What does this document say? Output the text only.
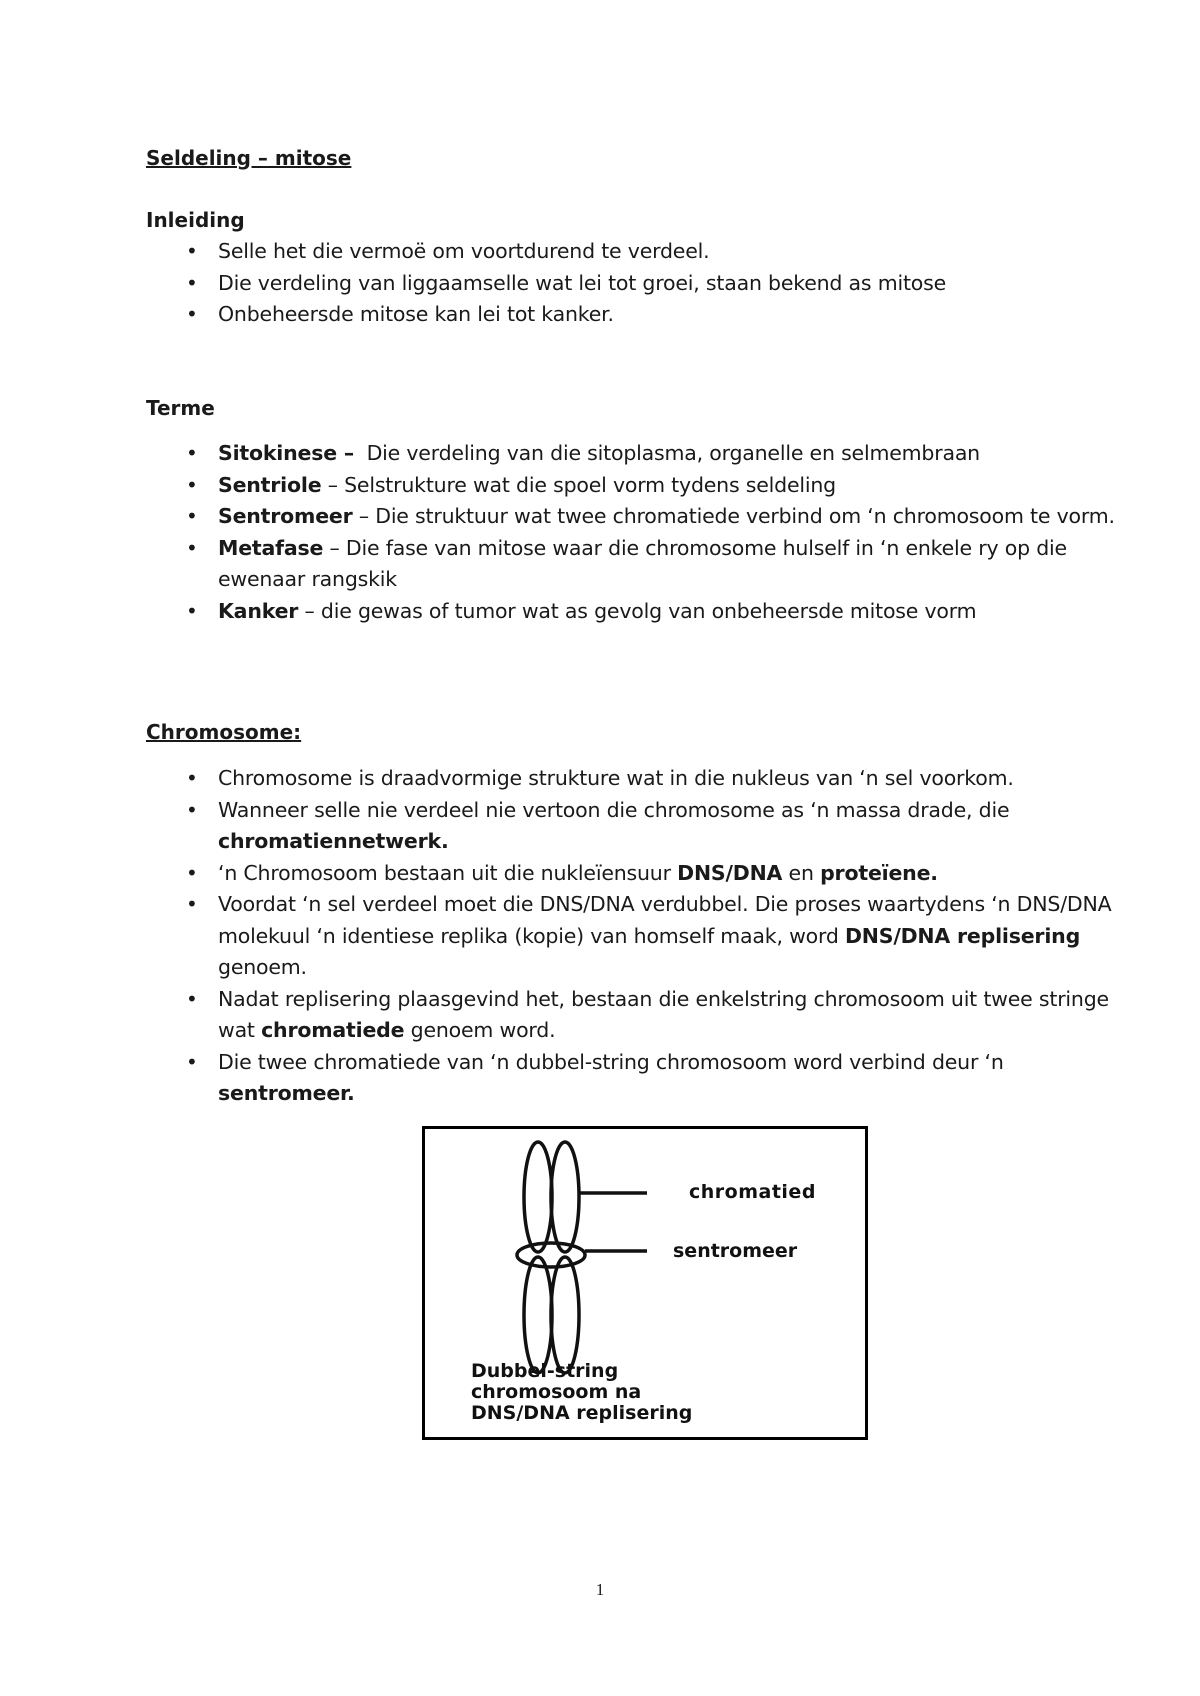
Seldeling – mitose
Inleiding
• Selle het die vermoë om voortdurend te verdeel.
• Die verdeling van liggaamselle wat lei tot groei, staan bekend as mitose
• Onbeheersde mitose kan lei tot kanker.
Terme
• Sitokinese –  Die verdeling van die sitoplasma, organelle en selmembraan
• Sentriole – Selstrukture wat die spoel vorm tydens seldeling
• Sentromeer – Die struktuur wat twee chromatiede verbind om ‘n chromosoom te vorm.
• Metafase – Die fase van mitose waar die chromosome hulself in ‘n enkele ry op die ewenaar rangskik
• Kanker – die gewas of tumor wat as gevolg van onbeheersde mitose vorm
Chromosome:
• Chromosome is draadvormige strukture wat in die nukleus van ‘n sel voorkom.
• Wanneer selle nie verdeel nie vertoon die chromosome as ‘n massa drade, die chromatiennetwerk.
• ‘n Chromosoom bestaan uit die nukleïensuur DNS/DNA en proteïene.
• Voordat ‘n sel verdeel moet die DNS/DNA verdubbel. Die proses waartydens ‘n DNS/DNA molekuul ‘n identiese replika (kopie) van homself maak, word DNS/DNA replisering genoem.
• Nadat replisering plaasgevind het, bestaan die enkelstring chromosoom uit twee stringe wat chromatiede genoem word.
• Die twee chromatiede van ‘n dubbel-string chromosoom word verbind deur ‘n sentromeer.
chromatied
sentromeer
Dubbel-string
chromosoom na
DNS/DNA replisering
1
